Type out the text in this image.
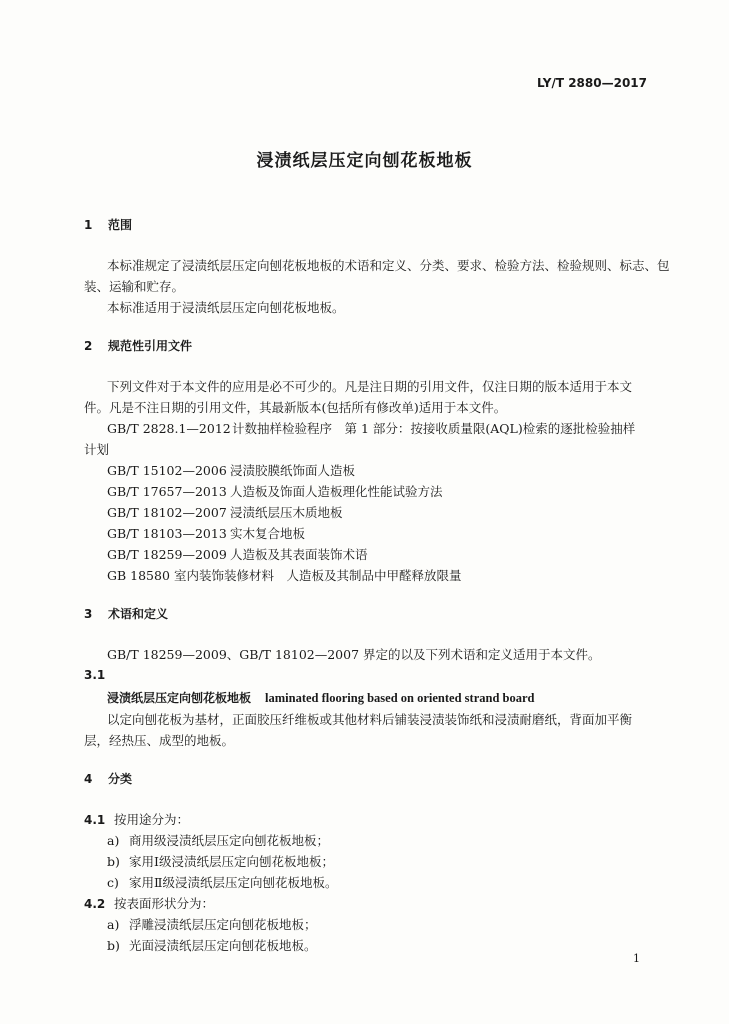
LY/T 2880—2017
浸渍纸层压定向刨花板地板
1 范围
本标准规定了浸渍纸层压定向刨花板地板的术语和定义、分类、要求、检验方法、检验规则、标志、包
装、运输和贮存。
本标准适用于浸渍纸层压定向刨花板地板。
2 规范性引用文件
下列文件对于本文件的应用是必不可少的。凡是注日期的引用文件，仅注日期的版本适用于本文
件。凡是不注日期的引用文件，其最新版本(包括所有修改单)适用于本文件。
GB/T 2828.1—2012计数抽样检验程序　第 1 部分：按接收质量限(AQL)检索的逐批检验抽样
计划
GB/T 15102—2006 浸渍胶膜纸饰面人造板
GB/T 17657—2013 人造板及饰面人造板理化性能试验方法
GB/T 18102—2007 浸渍纸层压木质地板
GB/T 18103—2013 实木复合地板
GB/T 18259—2009 人造板及其表面装饰术语
GB 18580 室内装饰装修材料　人造板及其制品中甲醛释放限量
3 术语和定义
GB/T 18259—2009、GB/T 18102—2007 界定的以及下列术语和定义适用于本文件。
3.1
浸渍纸层压定向刨花板地板 laminated flooring based on oriented strand board
以定向刨花板为基材，正面胶压纤维板或其他材料后铺装浸渍装饰纸和浸渍耐磨纸，背面加平衡
层，经热压、成型的地板。
4 分类
4.1 按用途分为：
a) 商用级浸渍纸层压定向刨花板地板；
b) 家用Ⅰ级浸渍纸层压定向刨花板地板；
c) 家用Ⅱ级浸渍纸层压定向刨花板地板。
4.2 按表面形状分为：
a) 浮雕浸渍纸层压定向刨花板地板；
b) 光面浸渍纸层压定向刨花板地板。
1
